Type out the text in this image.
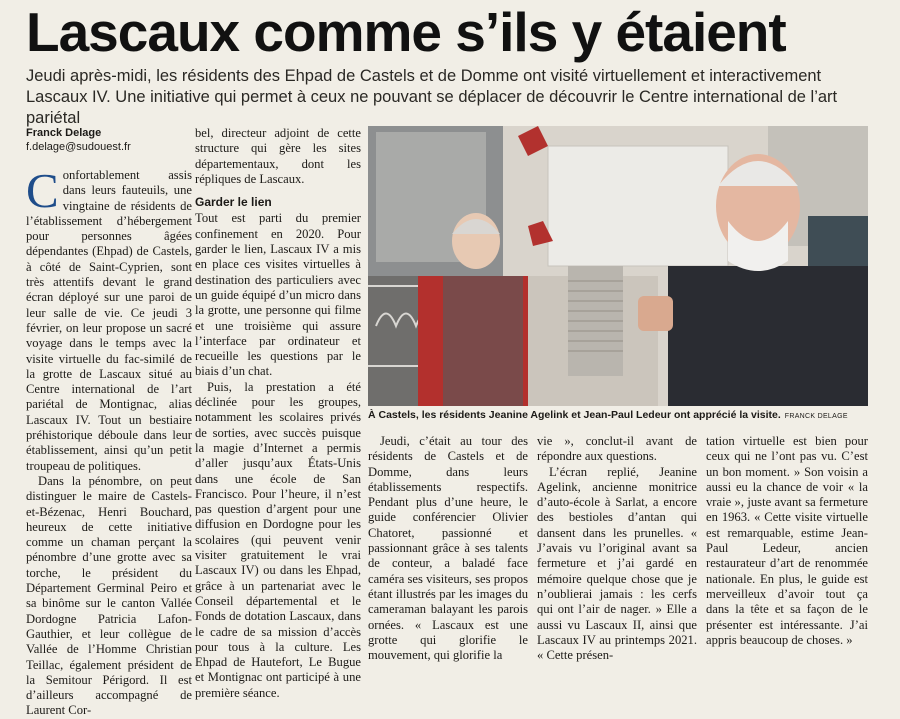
Lascaux comme s’ils y étaient
Jeudi après-midi, les résidents des Ehpad de Castels et de Domme ont visité virtuellement et interactivement Lascaux IV. Une initiative qui permet à ceux ne pouvant se déplacer de découvrir le Centre international de l’art pariétal
Franck Delage
f.delage@sudouest.fr

Confortablement assis dans leurs fauteuils, une vingtaine de résidents de l’établissement d’hébergement pour personnes âgées dépendantes (Ehpad) de Castels, à côté de Saint-Cyprien, sont très attentifs devant le grand écran déployé sur une paroi de leur salle de vie. Ce jeudi 3 février, on leur propose un sacré voyage dans le temps avec la visite virtuelle du fac-similé de la grotte de Lascaux situé au Centre international de l’art pariétal de Montignac, alias Lascaux IV. Tout un bestiaire préhistorique déboule dans leur établissement, ainsi qu’un petit troupeau de politiques.

Dans la pénombre, on peut distinguer le maire de Castels-et-Bézenac, Henri Bouchard, heureux de cette initiative comme un chaman perçant la pénombre d’une grotte avec sa torche, le président du Département Germinal Peiro et sa binôme sur le canton Vallée Dordogne Patricia Lafon-Gauthier, et leur collègue de Vallée de l’Homme Christian Teillac, également président de la Semitour Périgord. Il est d’ailleurs accompagné de Laurent Cor-

bel, directeur adjoint de cette structure qui gère les sites départementaux, dont les répliques de Lascaux.

Garder le lien

Tout est parti du premier confinement en 2020. Pour garder le lien, Lascaux IV a mis en place ces visites virtuelles à destination des particuliers avec un guide équipé d’un micro dans la grotte, une personne qui filme et une troisième qui assure l’interface par ordinateur et recueille les questions par le biais d’un chat.

Puis, la prestation a été déclinée pour les groupes, notamment les scolaires privés de sorties, avec succès puisque la magie d’Internet a permis d’aller jusqu’aux États-Unis dans une école de San Francisco. Pour l’heure, il n’est pas question d’argent pour une diffusion en Dordogne pour les scolaires (qui peuvent venir visiter gratuitement le vrai Lascaux IV) ou dans les Ehpad, grâce à un partenariat avec le Conseil départemental et le Fonds de dotation Lascaux, dans le cadre de sa mission d’accès pour tous à la culture. Les Ehpad de Hautefort, Le Bugue et Montignac ont participé à une première séance.

À Castels, les résidents Jeanine Agelink et Jean-Paul Ledeur ont apprécié la visite. FRANCK DELAGE

Jeudi, c’était au tour des résidents de Castels et de Domme, dans leurs établissements respectifs. Pendant plus d’une heure, le guide conférencier Olivier Chatoret, passionné et passionnant grâce à ses talents de conteur, a baladé face caméra ses visiteurs, ses propos étant illustrés par les images du cameraman balayant les parois ornées. « Lascaux est une grotte qui glorifie le mouvement, qui glorifie la

vie », conclut-il avant de répondre aux questions.

L’écran replié, Jeanine Agelink, ancienne monitrice d’auto-école à Sarlat, a encore des bestioles d’antan qui dansent dans les prunelles. « J’avais vu l’original avant sa fermeture et j’ai gardé en mémoire quelque chose que je n’oublierai jamais : les cerfs qui ont l’air de nager. » Elle a aussi vu Lascaux II, ainsi que Lascaux IV au printemps 2021. « Cette présen-

tation virtuelle est bien pour ceux qui ne l’ont pas vu. C’est un bon moment. » Son voisin a aussi eu la chance de voir « la vraie », juste avant sa fermeture en 1963. « Cette visite virtuelle est remarquable, estime Jean-Paul Ledeur, ancien restaurateur d’art de renommée nationale. En plus, le guide est merveilleux d’avoir tout ça dans la tête et sa façon de le présenter est intéressante. J’ai appris beaucoup de choses. »
